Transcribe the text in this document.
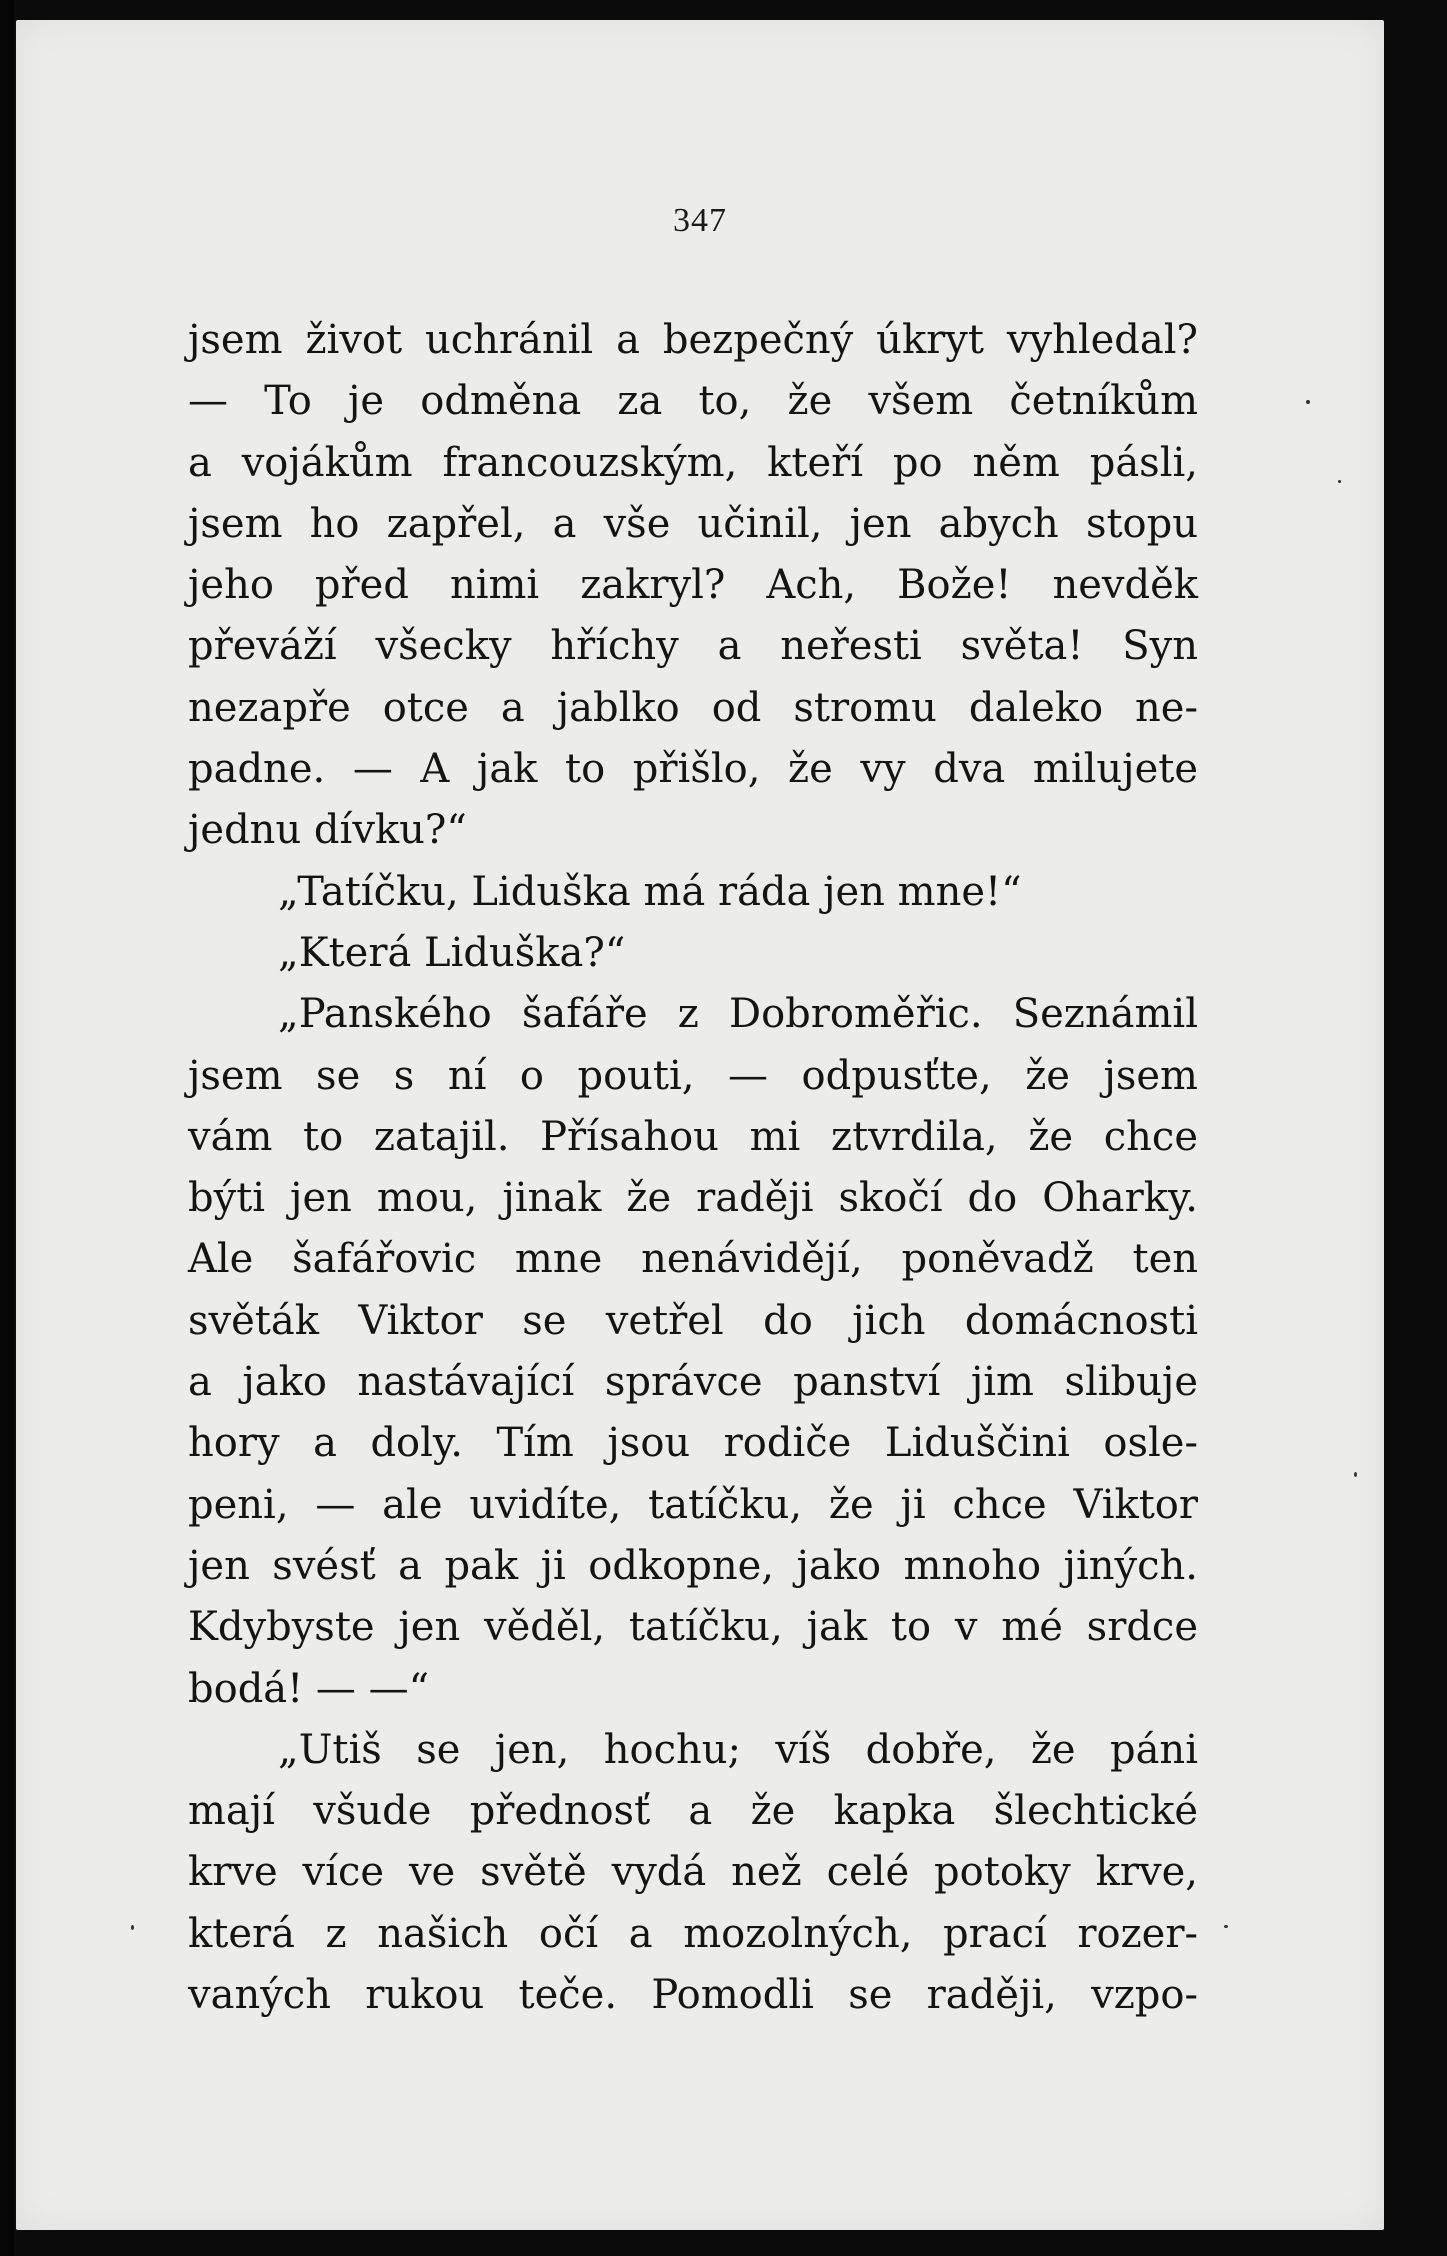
347
jsem život uchránil a bezpečný úkryt vyhledal?
— To je odměna za to, že všem četníkům
a vojákům francouzským, kteří po něm pásli,
jsem ho zapřel, a vše učinil, jen abych stopu
jeho před nimi zakryl? Ach, Bože! nevděk
převáží všecky hříchy a neřesti světa! Syn
nezapře otce a jablko od stromu daleko ne-
padne. — A jak to přišlo, že vy dva milujete
jednu dívku?“
„Tatíčku, Liduška má ráda jen mne!“
„Která Liduška?“
„Panského šafáře z Dobroměřic. Seznámil
jsem se s ní o pouti, — odpusťte, že jsem
vám to zatajil. Přísahou mi ztvrdila, že chce
býti jen mou, jinak že raději skočí do Oharky.
Ale šafářovic mne nenávidějí, poněvadž ten
světák Viktor se vetřel do jich domácnosti
a jako nastávající správce panství jim slibuje
hory a doly. Tím jsou rodiče Liduščini osle-
peni, — ale uvidíte, tatíčku, že ji chce Viktor
jen svésť a pak ji odkopne, jako mnoho jiných.
Kdybyste jen věděl, tatíčku, jak to v mé srdce
bodá! — —“
„Utiš se jen, hochu; víš dobře, že páni
mají všude přednosť a že kapka šlechtické
krve více ve světě vydá než celé potoky krve,
která z našich očí a mozolných, prací rozer-
vaných rukou teče. Pomodli se raději, vzpo-
